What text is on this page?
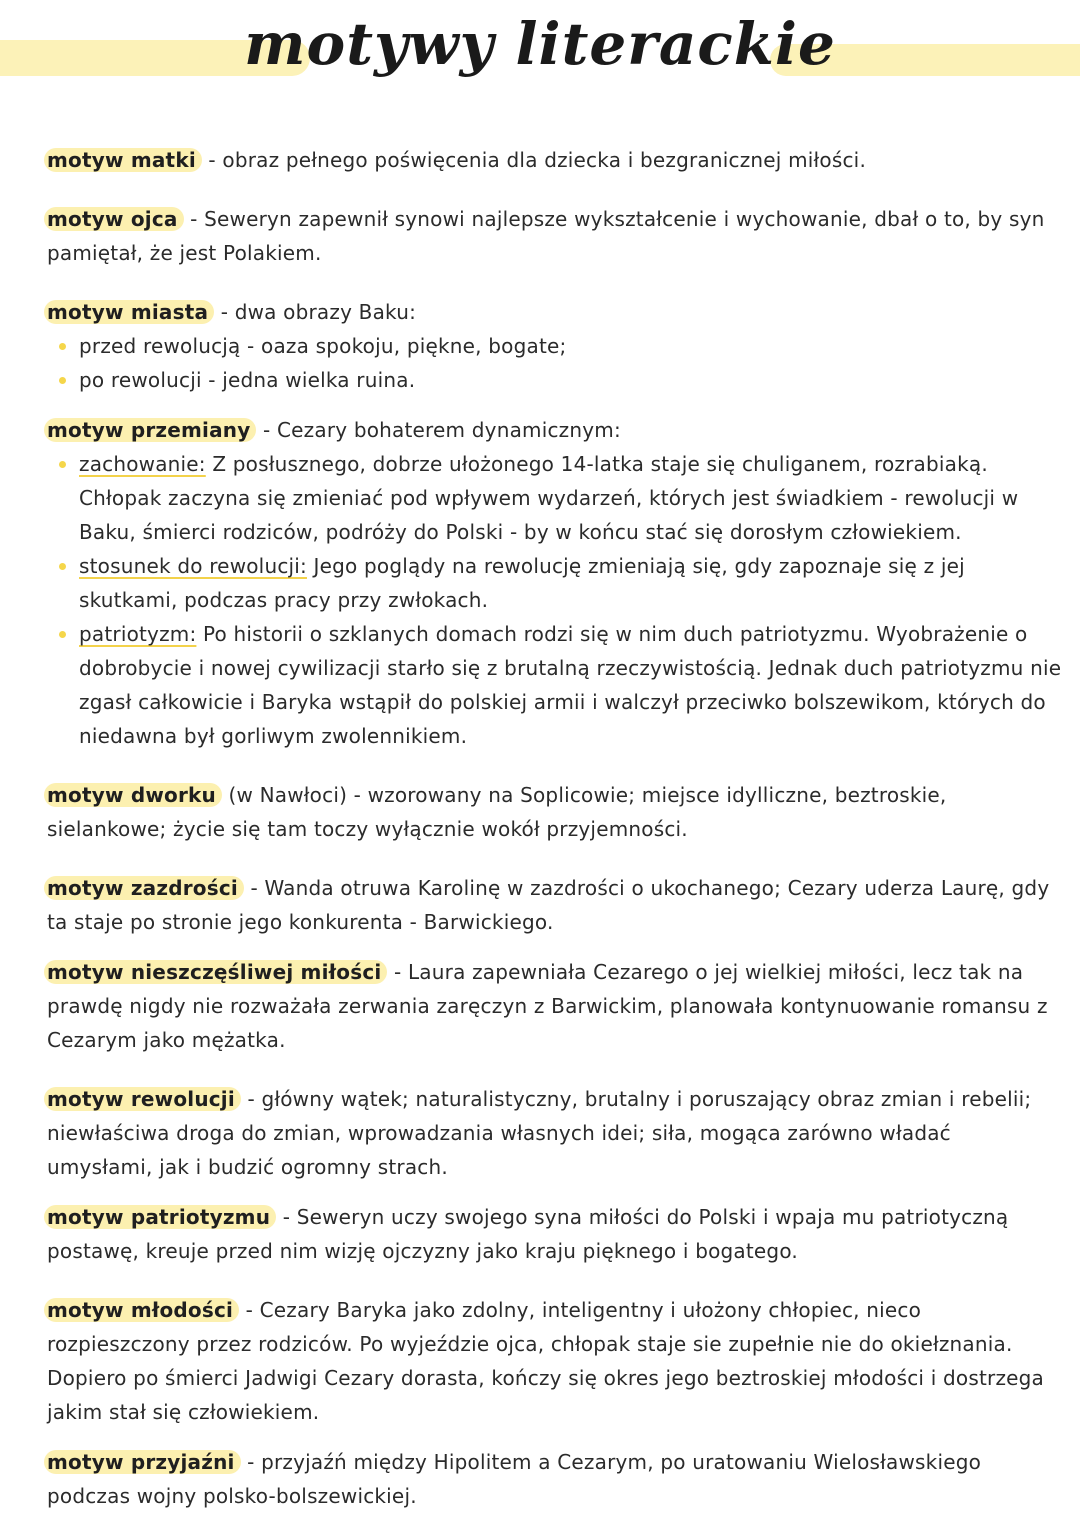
motywy literackie

motyw matki - obraz pełnego poświęcenia dla dziecka i bezgranicznej miłości.

motyw ojca - Seweryn zapewnił synowi najlepsze wykształcenie i wychowanie, dbał o to, by syn pamiętał, że jest Polakiem.

motyw miasta - dwa obrazy Baku:
przed rewolucją - oaza spokoju, piękne, bogate;
po rewolucji - jedna wielka ruina.
motyw przemiany - Cezary bohaterem dynamicznym:
zachowanie: Z posłusznego, dobrze ułożonego 14-latka staje się chuliganem, rozrabiaką. Chłopak zaczyna się zmieniać pod wpływem wydarzeń, których jest świadkiem - rewolucji w Baku, śmierci rodziców, podróży do Polski - by w końcu stać się dorosłym człowiekiem.
stosunek do rewolucji: Jego poglądy na rewolucję zmieniają się, gdy zapoznaje się z jej skutkami, podczas pracy przy zwłokach.
patriotyzm: Po historii o szklanych domach rodzi się w nim duch patriotyzmu. Wyobrażenie o dobrobycie i nowej cywilizacji starło się z brutalną rzeczywistością. Jednak duch patriotyzmu nie zgasł całkowicie i Baryka wstąpił do polskiej armii i walczył przeciwko bolszewikom, których do niedawna był gorliwym zwolennikiem.

motyw dworku (w Nawłoci) - wzorowany na Soplicowie; miejsce idylliczne, beztroskie, sielankowe; życie się tam toczy wyłącznie wokół przyjemności.

motyw zazdrości - Wanda otruwa Karolinę w zazdrości o ukochanego; Cezary uderza Laurę, gdy ta staje po stronie jego konkurenta - Barwickiego.

motyw nieszczęśliwej miłości - Laura zapewniała Cezarego o jej wielkiej miłości, lecz tak na prawdę nigdy nie rozważała zerwania zaręczyn z Barwickim, planowała kontynuowanie romansu z Cezarym jako mężatka.

motyw rewolucji - główny wątek; naturalistyczny, brutalny i poruszający obraz zmian i rebelii; niewłaściwa droga do zmian, wprowadzania własnych idei; siła, mogąca zarówno władać umysłami, jak i budzić ogromny strach.

motyw patriotyzmu - Seweryn uczy swojego syna miłości do Polski i wpaja mu patriotyczną postawę, kreuje przed nim wizję ojczyzny jako kraju pięknego i bogatego.

motyw młodości - Cezary Baryka jako zdolny, inteligentny i ułożony chłopiec, nieco rozpieszczony przez rodziców. Po wyjeździe ojca, chłopak staje sie zupełnie nie do okiełznania. Dopiero po śmierci Jadwigi Cezary dorasta, kończy się okres jego beztroskiej młodości i dostrzega jakim stał się człowiekiem.

motyw przyjaźni - przyjaźń między Hipolitem a Cezarym, po uratowaniu Wielosławskiego podczas wojny polsko-bolszewickiej.
